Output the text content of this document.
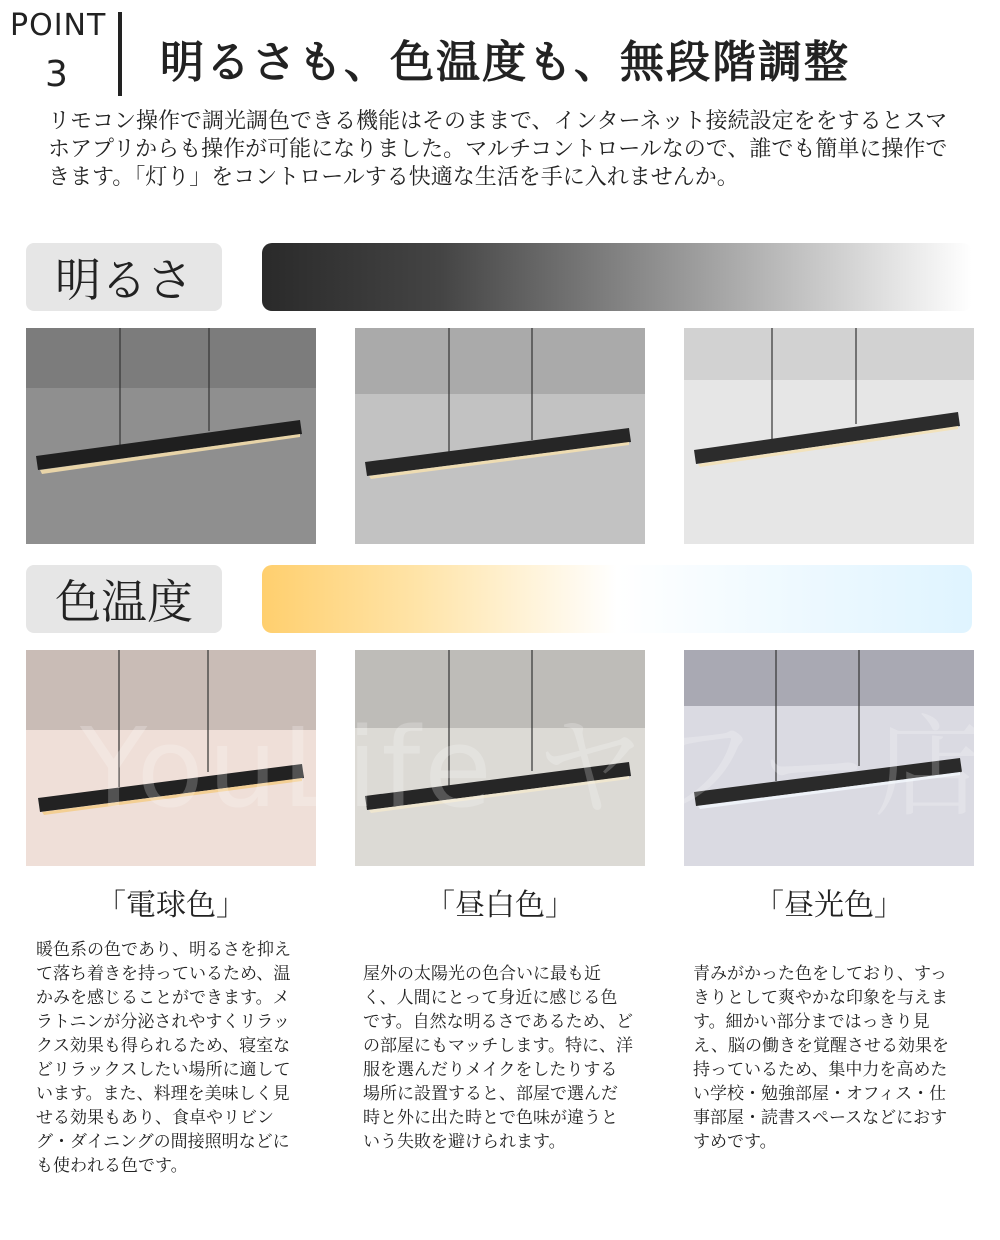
POINT
3 明るさも、色温度も、無段階調整
リモコン操作で調光調色できる機能はそのままで、インターネット接続設定ををするとスマホアプリからも操作が可能になりました。マルチコントロールなので、誰でも簡単に操作できます。「灯り」をコントロールする快適な生活を手に入れませんか。
明るさ
色温度
YouLife ヤフー店
「電球色」	「昼白色」	「昼光色」
暖色系の色であり、明るさを抑えて落ち着きを持っているため、温かみを感じることができます。メラトニンが分泌されやすくリラックス効果も得られるため、寝室などリラックスしたい場所に適しています。また、料理を美味しく見せる効果もあり、食卓やリビング・ダイニングの間接照明などにも使われる色です。
屋外の太陽光の色合いに最も近く、人間にとって身近に感じる色です。自然な明るさであるため、どの部屋にもマッチします。特に、洋服を選んだりメイクをしたりする場所に設置すると、部屋で選んだ時と外に出た時とで色味が違うという失敗を避けられます。
青みがかった色をしており、すっきりとして爽やかな印象を与えます。細かい部分まではっきり見え、脳の働きを覚醒させる効果を持っているため、集中力を高めたい学校・勉強部屋・オフィス・仕事部屋・読書スペースなどにおすすめです。
